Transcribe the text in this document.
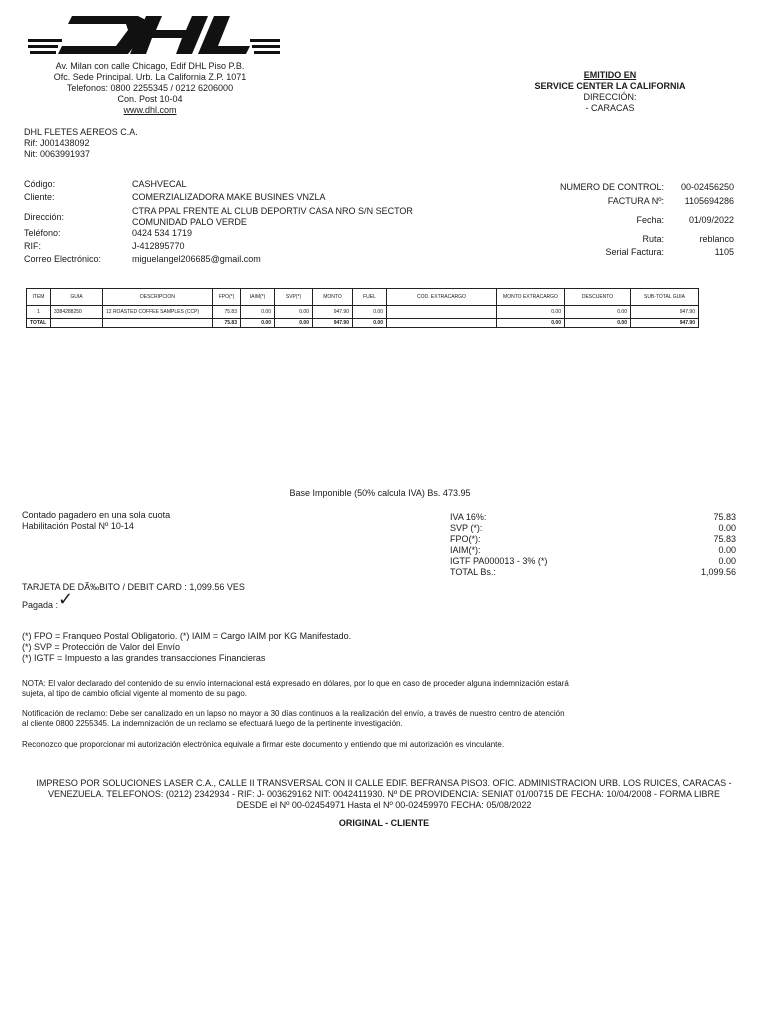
Av. Milan con calle Chicago, Edif DHL Piso P.B.
Ofc. Sede Principal. Urb. La California Z.P. 1071
Telefonos: 0800 2255345 / 0212 6206000
Con. Post 10-04
www.dhl.com
EMITIDO EN
SERVICE CENTER LA CALIFORNIA
DIRECCIÓN:
- CARACAS
DHL FLETES AEREOS C.A.
Rif: J001438092
Nit: 0063991937
Código:	CASHVECAL
Cliente:	COMERZIALIZADORA MAKE BUSINES VNZLA
Dirección:
CTRA PPAL FRENTE AL CLUB DEPORTIV CASA NRO S/N SECTOR
COMUNIDAD PALO VERDE
Teléfono:	0424 534 1719
RIF:	J-412895770
Correo Electrónico:	miguelangel206685@gmail.com
NUMERO DE CONTROL:	00-02456250
FACTURA Nº:	1105694286
Fecha:	01/09/2022
Ruta:	reblanco
Serial Factura:	1105
ITEM	GUIA	DESCRIPCION	FPO(*)	IAIM(*)	SVP(*)	MONTO	FUEL	COD. EXTRACARGO	MONTO EXTRACARGO	DESCUENTO	SUB-TOTAL GUIA
1	3384288250	12 ROASTED COFFEE SAMPLES (CCP)	75.83	0.00	0.00	947.90	0.00		0.00	0.00	947.90
TOTAL			75.83	0.00	0.00	947.90	0.00		0.00	0.00	947.90
Base Imponible (50% calcula IVA) Bs. 473.95
Contado pagadero en una sola cuota
Habilitación Postal Nº 10-14
IVA 16%:	75.83
SVP (*):	0.00
FPO(*):	75.83
IAIM(*):	0.00
IGTF PA000013 - 3% (*)	0.00
TOTAL Bs.:	1,099.56
TARJETA DE DÃ‰BITO / DEBIT CARD : 1,099.56 VES
Pagada : ✓
(*) FPO = Franqueo Postal Obligatorio. (*) IAIM = Cargo IAIM por KG Manifestado.
(*) SVP = Protección de Valor del Envío
(*) IGTF = Impuesto a las grandes transacciones Financieras
NOTA: El valor declarado del contenido de su envío internacional está expresado en dólares, por lo que en caso de proceder alguna indemnización estará
sujeta, al tipo de cambio oficial vigente al momento de su pago.
Notificación de reclamo: Debe ser canalizado en un lapso no mayor a 30 días continuos a la realización del envío, a través de nuestro centro de atención
al cliente 0800 2255345. La indemnización de un reclamo se efectuará luego de la pertinente investigación.
Reconozco que proporcionar mi autorización electrónica equivale a firmar este documento y entiendo que mi autorización es vinculante.
IMPRESO POR SOLUCIONES LASER C.A., CALLE II TRANSVERSAL CON II CALLE EDIF. BEFRANSA PISO3. OFIC. ADMINISTRACION URB. LOS RUICES, CARACAS -
VENEZUELA. TELEFONOS: (0212) 2342934 - RIF: J- 003629162 NIT: 0042411930. Nº DE PROVIDENCIA: SENIAT 01/00715 DE FECHA: 10/04/2008 - FORMA LIBRE
DESDE el Nº 00-02454971 Hasta el Nº 00-02459970 FECHA: 05/08/2022
ORIGINAL - CLIENTE
